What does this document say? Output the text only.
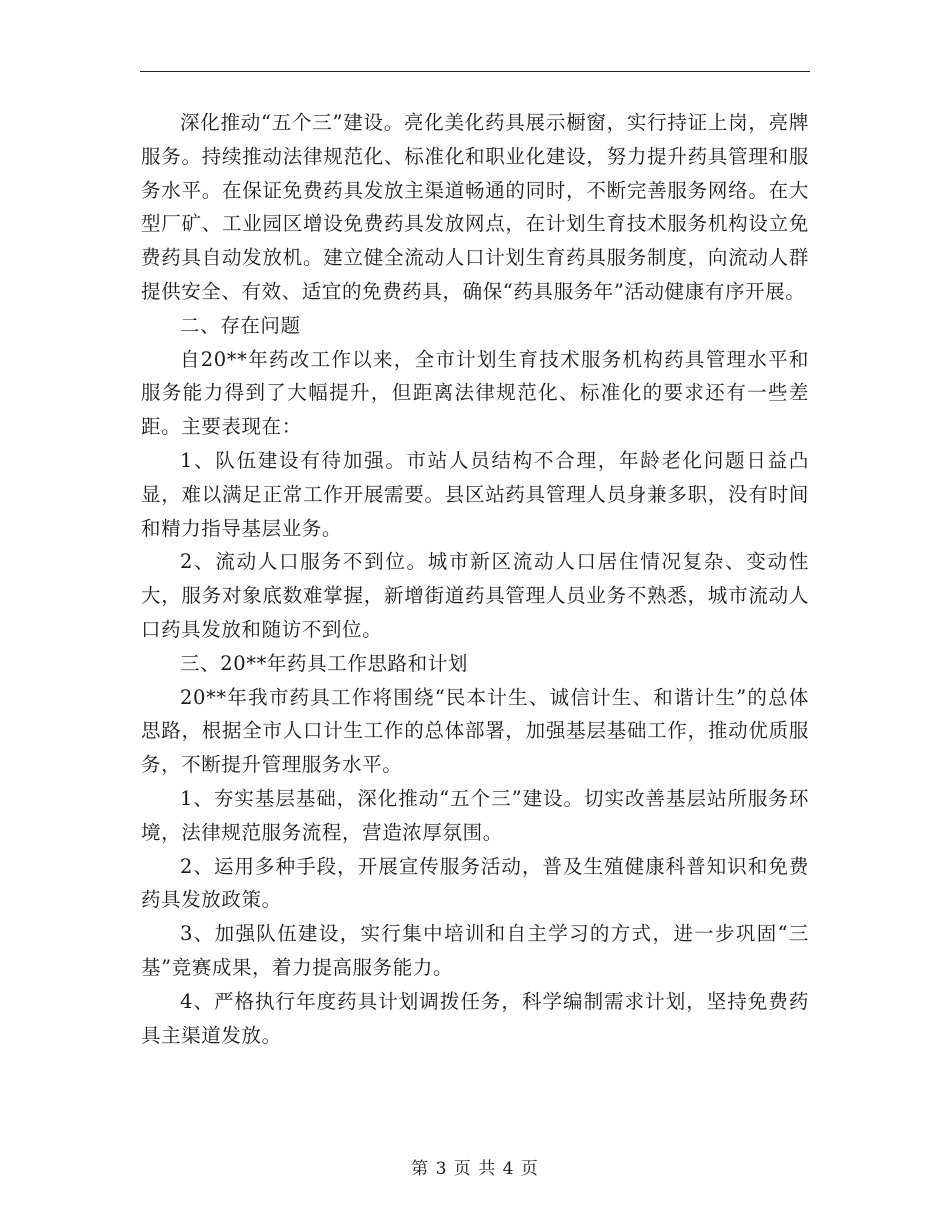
深化推动“五个三”建设。亮化美化药具展示橱窗，实行持证上岗，亮牌服务。持续推动法律规范化、标准化和职业化建设，努力提升药具管理和服务水平。在保证免费药具发放主渠道畅通的同时，不断完善服务网络。在大型厂矿、工业园区增设免费药具发放网点，在计划生育技术服务机构设立免费药具自动发放机。建立健全流动人口计划生育药具服务制度，向流动人群提供安全、有效、适宜的免费药具，确保“药具服务年”活动健康有序开展。

二、存在问题

自20**年药改工作以来，全市计划生育技术服务机构药具管理水平和服务能力得到了大幅提升，但距离法律规范化、标准化的要求还有一些差距。主要表现在：

1、队伍建设有待加强。市站人员结构不合理，年龄老化问题日益凸显，难以满足正常工作开展需要。县区站药具管理人员身兼多职，没有时间和精力指导基层业务。

2、流动人口服务不到位。城市新区流动人口居住情况复杂、变动性大，服务对象底数难掌握，新增街道药具管理人员业务不熟悉，城市流动人口药具发放和随访不到位。

三、20**年药具工作思路和计划

20**年我市药具工作将围绕“民本计生、诚信计生、和谐计生”的总体思路，根据全市人口计生工作的总体部署，加强基层基础工作，推动优质服务，不断提升管理服务水平。

1、夯实基层基础，深化推动“五个三”建设。切实改善基层站所服务环境，法律规范服务流程，营造浓厚氛围。

2、运用多种手段，开展宣传服务活动，普及生殖健康科普知识和免费药具发放政策。

3、加强队伍建设，实行集中培训和自主学习的方式，进一步巩固“三基”竞赛成果，着力提高服务能力。

4、严格执行年度药具计划调拨任务，科学编制需求计划，坚持免费药具主渠道发放。

第 3 页 共 4 页
